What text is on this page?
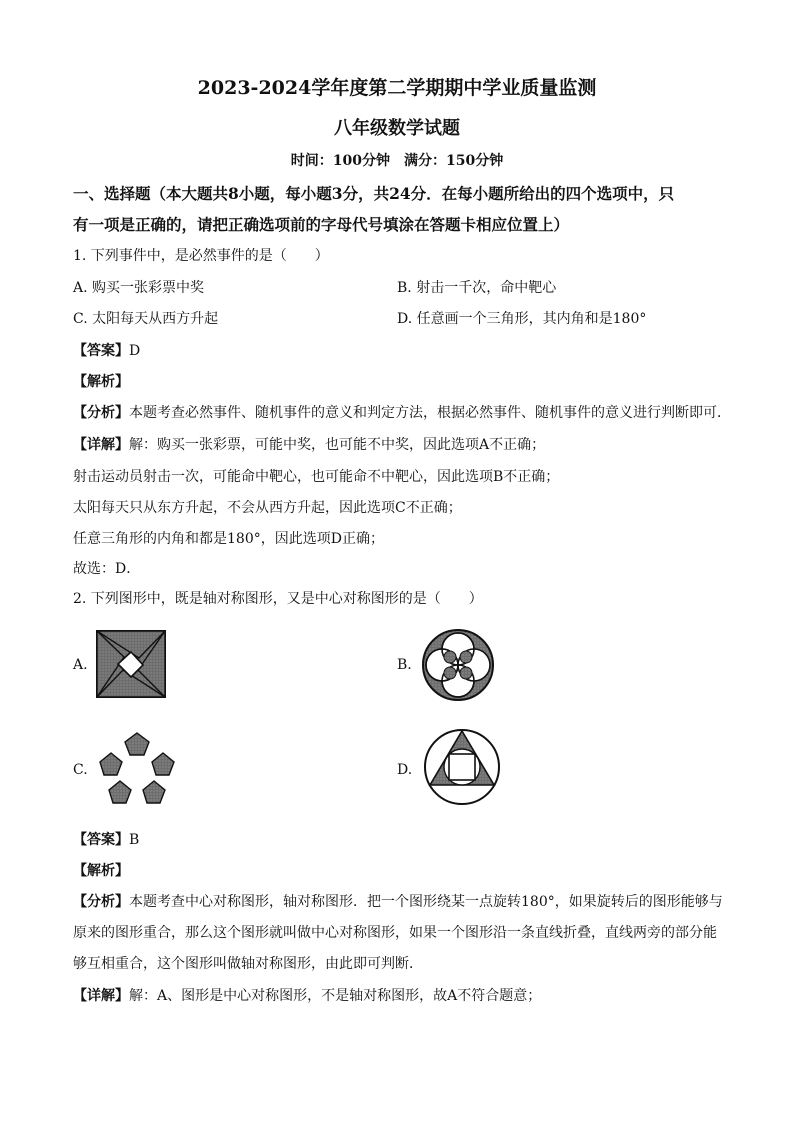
2023-2024学年度第二学期期中学业质量监测
八年级数学试题
时间：100分钟　满分：150分钟
一、选择题（本大题共8小题，每小题3分，共24分．在每小题所给出的四个选项中，只
有一项是正确的，请把正确选项前的字母代号填涂在答题卡相应位置上）
1. 下列事件中，是必然事件的是（　　）
A. 购买一张彩票中奖	B. 射击一千次，命中靶心
C. 太阳每天从西方升起	D. 任意画一个三角形，其内角和是180°
【答案】D
【解析】
【分析】本题考查必然事件、随机事件的意义和判定方法，根据必然事件、随机事件的意义进行判断即可．
【详解】解：购买一张彩票，可能中奖，也可能不中奖，因此选项A不正确；
射击运动员射击一次，可能命中靶心，也可能命不中靶心，因此选项B不正确；
太阳每天只从东方升起，不会从西方升起，因此选项C不正确；
任意三角形的内角和都是180°，因此选项D正确；
故选：D．
2. 下列图形中，既是轴对称图形，又是中心对称图形的是（　　）
A.	B.
C.	D.
【答案】B
【解析】
【分析】本题考查中心对称图形，轴对称图形．把一个图形绕某一点旋转180°，如果旋转后的图形能够与
原来的图形重合，那么这个图形就叫做中心对称图形，如果一个图形沿一条直线折叠，直线两旁的部分能
够互相重合，这个图形叫做轴对称图形，由此即可判断．
【详解】解：A、图形是中心对称图形，不是轴对称图形，故A不符合题意；
